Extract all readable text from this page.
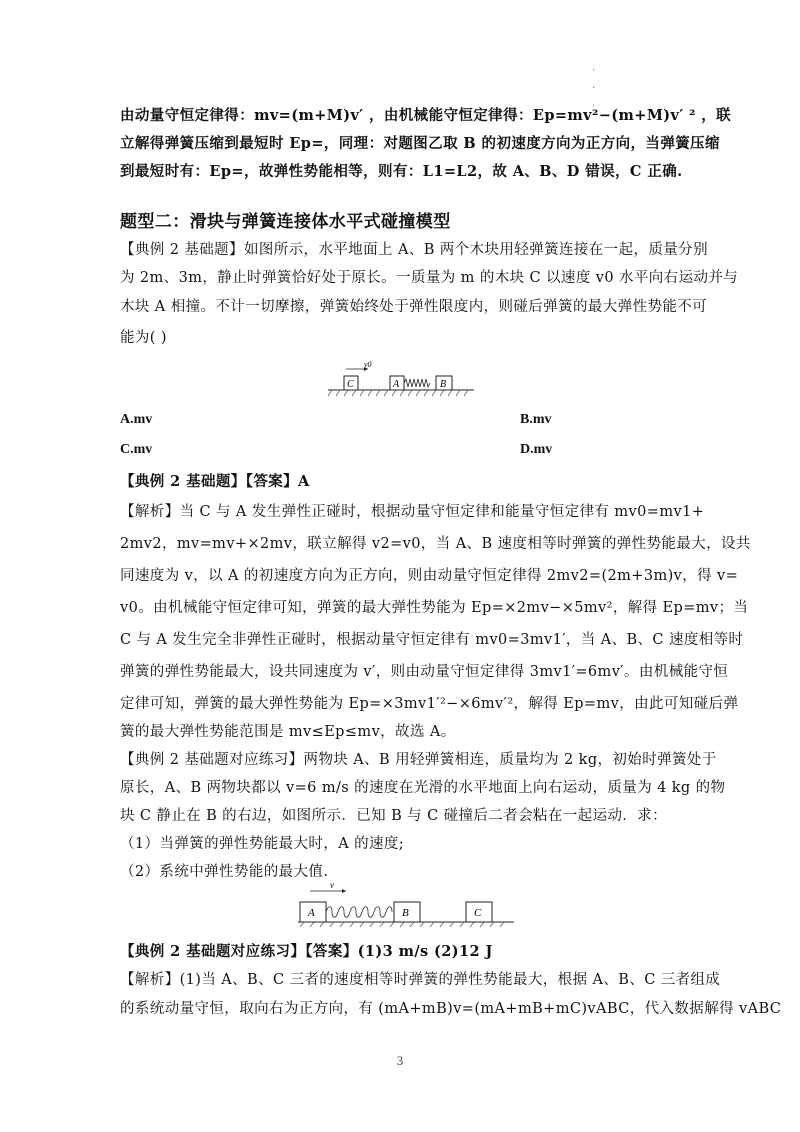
.
.
.
由动量守恒定律得：mv=(m+M)v′ ，由机械能守恒定律得：Ep=mv²−(m+M)v′ ² ，联
立解得弹簧压缩到最短时 Ep=，同理：对题图乙取 B 的初速度方向为正方向，当弹簧压缩
到最短时有：Ep=，故弹性势能相等，则有：L1=L2，故 A、B、D 错误，C 正确.
题型二：滑块与弹簧连接体水平式碰撞模型
【典例 2 基础题】如图所示，水平地面上 A、B 两个木块用轻弹簧连接在一起，质量分别
为 2m、3m，静止时弹簧恰好处于原长。一质量为 m 的木块 C 以速度 v0 水平向右运动并与
木块 A 相撞。不计一切摩擦，弹簧始终处于弹性限度内，则碰后弹簧的最大弹性势能不可
能为( )
C
v0
A	B
A.mv	B.mv
C.mv	D.mv
【典例 2 基础题】【答案】A
【解析】当 C 与 A 发生弹性正碰时，根据动量守恒定律和能量守恒定律有 mv0=mv1+
2mv2，mv=mv+×2mv，联立解得 v2=v0，当 A、B 速度相等时弹簧的弹性势能最大，设共
同速度为 v，以 A 的初速度方向为正方向，则由动量守恒定律得 2mv2=(2m+3m)v，得 v=
v0。由机械能守恒定律可知，弹簧的最大弹性势能为 Ep=×2mv−×5mv²，解得 Ep=mv；当
C 与 A 发生完全非弹性正碰时，根据动量守恒定律有 mv0=3mv1′，当 A、B、C 速度相等时
弹簧的弹性势能最大，设共同速度为 v′，则由动量守恒定律得 3mv1′=6mv′。由机械能守恒
定律可知，弹簧的最大弹性势能为 Ep=×3mv1′²−×6mv′²，解得 Ep=mv，由此可知碰后弹
簧的最大弹性势能范围是 mv≤Ep≤mv，故选 A。
【典例 2 基础题对应练习】两物块 A、B 用轻弹簧相连，质量均为 2 kg，初始时弹簧处于
原长，A、B 两物块都以 v=6 m/s 的速度在光滑的水平地面上向右运动，质量为 4 kg 的物
块 C 静止在 B 的右边，如图所示．已知 B 与 C 碰撞后二者会粘在一起运动．求：
（1）当弹簧的弹性势能最大时，A 的速度;
（2）系统中弹性势能的最大值.
v
A	B	C
【典例 2 基础题对应练习】【答案】(1)3 m/s (2)12 J
【解析】(1)当 A、B、C 三者的速度相等时弹簧的弹性势能最大，根据 A、B、C 三者组成
的系统动量守恒，取向右为正方向，有 (mA+mB)v=(mA+mB+mC)vABC，代入数据解得 vABC
3
